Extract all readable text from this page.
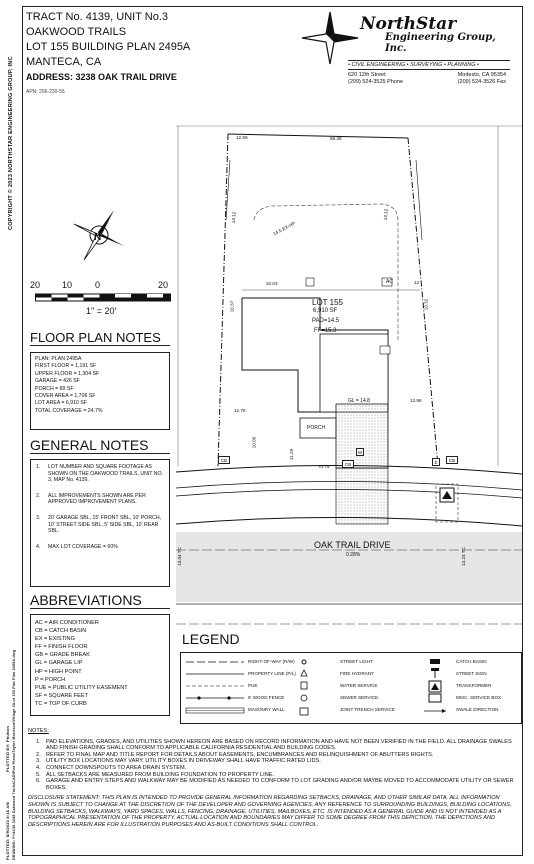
COPYRIGHT © 2023 NORTHSTAR ENGINEERING GROUP, INC
PLOTTED BY: Phuhon
PLOTTED: 8/9/2023 8:16 AM DRAWING: P:\4139-3248 Oakwood Trails\CAD\Plot Plans\Taylor Morrison\Village 3\Lot 155 Plot Plan 2495A.dwg
TRACT No. 4139, UNIT No.3
OAKWOOD TRAILS
LOT 155 BUILDING PLAN 2495A
MANTECA, CA
ADDRESS: 3238 OAK TRAIL DRIVE
APN: 266-230-55
NorthStar
Engineering Group, Inc.
• CIVIL ENGINEERING • SURVEYING • PLANNING •
620 12th Street	Modesto, CA 95354
(209) 524-3525 Phone	(209) 524-3526 Fax
N
20 10	0	20
1" = 20'
FLOOR PLAN NOTES
PLAN: PLAN 2495A
FIRST FLOOR = 1,191 SF
UPPER FLOOR = 1,304 SF
GARAGE = 426 SF
PORCH = 89 SF
COVER AREA = 1,706 SF
LOT AREA = 6,910 SF
TOTAL COVERAGE = 24.7%
GENERAL NOTES
1.	LOT NUMBER AND SQUARE FOOTAGE AS SHOWN ON THE OAKWOOD TRAILS, UNIT NO. 3, MAP No. 4139.
2.	ALL IMPROVEMENTS SHOWN ARE PER APPROVED IMPROVEMENT PLANS.
3.	20' GARAGE SBL, 15' FRONT SBL, 10' PORCH, 10' STREET SIDE SBL, 5' SIDE SBL, 10' REAR SBL.
4.	MAX LOT COVERAGE = 60%
ABBREVIATIONS
AC = AIR CONDITIONER
CB = CATCH BASIN
EX = EXISTING
FF = FINISH FLOOR
GB = GRADE BREAK
GL = GARAGE LIP
HP = HIGH POINT
P = PORCH
PUE = PUBLIC UTILITY EASEMENT
SF = SQUARE FEET
TC = TOP OF CURB
LOT 155
6,910 SF
PAD=14.5
FF=15.3
GL = 14.8
PORCH
AC
OAK TRAIL DRIVE
0.28%
12.99	58.38
14.12
10.03
10.37
12.78
10.00
11.29
70.75
13.98
10.32
12
14.5 EX-HP
14.12
13.04 TC	13.24 TC
CB
CB
CB
E
W
LEGEND
RIGHT-OF-WAY (R/W)
PROPERTY LINE (P/L)
PUE
6' WOOD FENCE
MASONRY WALL
STREET LIGHT
FIRE HYDRANT
WATER SERVICE
SEWER SERVICE
JOINT TRENCH SERVICE
CATCH BASIN
STREET SIGN
TRANSFORMER
MISC. SERVICE BOX
SWALE DIRECTION
NOTES:
1. PAD ELEVATIONS, GRADES, AND UTILITIES SHOWN HEREON ARE BASED ON RECORD INFORMATION AND HAVE NOT BEEN VERIFIED IN THE FIELD. ALL DRAINAGE SWALES AND FINISH GRADING SHALL CONFORM TO APPLICABLE CALIFORNIA RESIDENTIAL AND BUILDING CODES.
2. REFER TO FINAL MAP AND TITLE REPORT FOR DETAILS ABOUT EASEMENTS, ENCUMBRANCES AND RELINQUISHMENT OF ABUTTERS RIGHTS.
3. UTILITY BOX LOCATIONS MAY VARY. UTILITY BOXES IN DRIVEWAY SHALL HAVE TRAFFIC RATED LIDS.
4. CONNECT DOWNSPOUTS TO AREA DRAIN SYSTEM.
5. ALL SETBACKS ARE MEASURED FROM BUILDING FOUNDATION TO PROPERTY LINE.
6. GARAGE AND ENTRY STEPS AND WALKWAY MAY BE MODIFIED AS NEEDED TO CONFORM TO LOT GRADING AND/OR MAYBE MOVED TO ACCOMMODATE UTILITY OR SEWER BOXES.
DISCLOSURE STATEMENT: THIS PLAN IS INTENDED TO PROVIDE GENERAL INFORMATION REGARDING SETBACKS, DRAINAGE, AND OTHER SIMILAR DATA. ALL INFORMATION SHOWN IS SUBJECT TO CHANGE AT THE DISCRETION OF THE DEVELOPER AND GOVERNING AGENCIES. ANY REFERENCE TO SURROUNDING BUILDINGS, BUILDING LOCATIONS, BUILDING SETBACKS, WALKWAYS, YARD SPACES, WALLS, FENCING, DRAINAGE, UTILITIES, MAILBOXES, ETC. IS INTENDED AS A GENERAL GUIDE AND IS NOT INTENDED AS A TOPOGRAPHICAL PRESENTATION OF THE PROPERTY. ACTUAL LOCATION AND BOUNDARIES MAY DIFFER TO SOME DEGREE FROM THIS DEPICTION. THE DEPICTIONS AND DESCRIPTIONS HEREIN ARE FOR ILLUSTRATION PURPOSES AND AS-BUILT CONDITIONS SHALL CONTROL.
